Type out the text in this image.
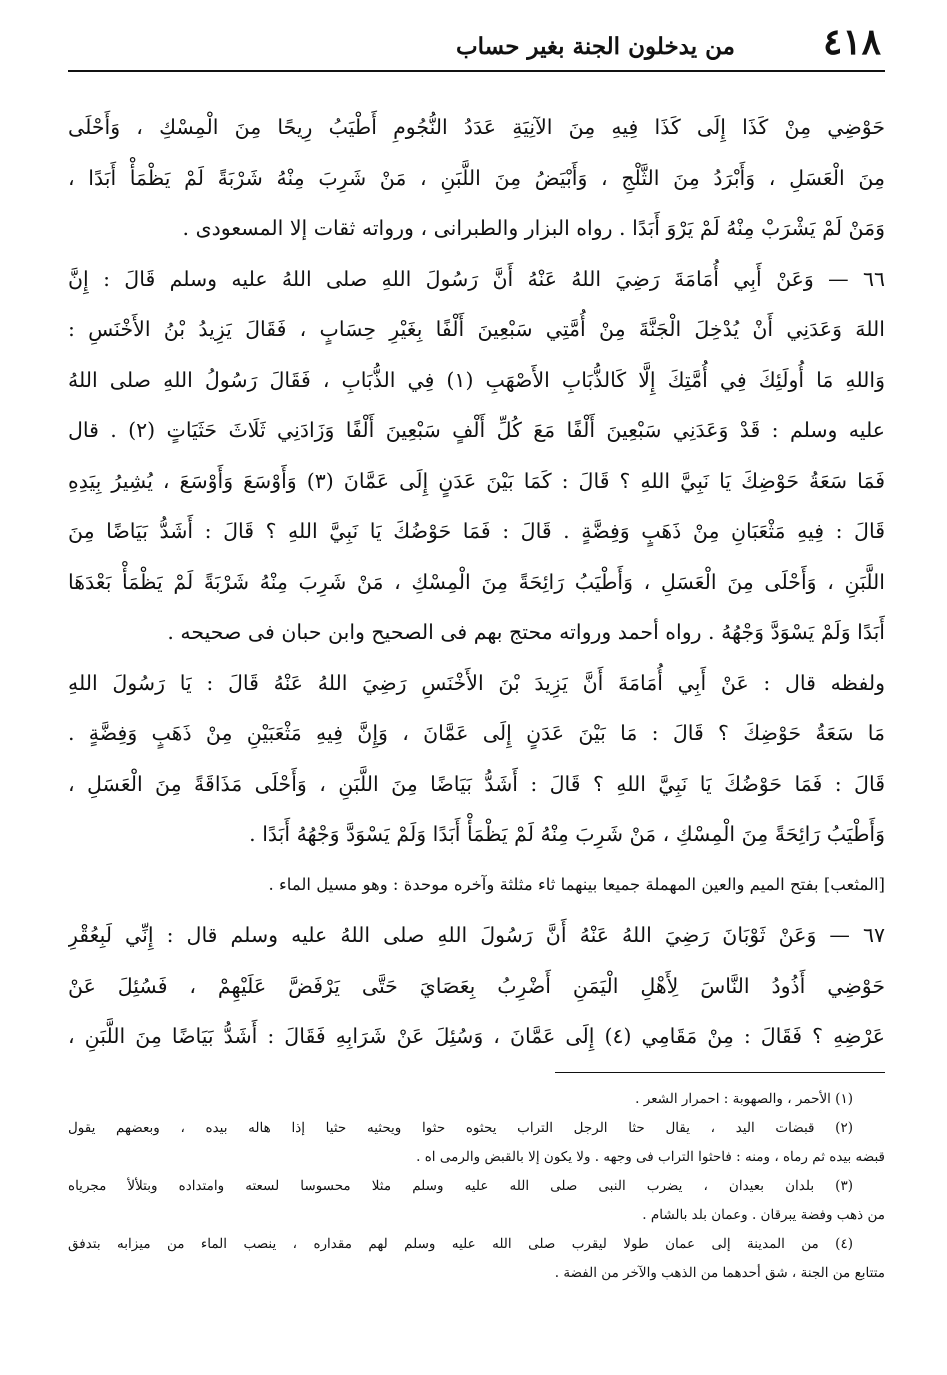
٤١٨
من يدخلون الجنة بغير حساب
حَوْضِي مِنْ كَذَا إِلَى كَذَا فِيهِ مِنَ الآنِيَةِ عَدَدُ النُّجُومِ أَطْيَبُ رِيحًا مِنَ الْمِسْكِ ، وَأَحْلَى
مِنَ الْعَسَلِ ، وَأَبْرَدُ مِنَ الثَّلْجِ ، وَأَبْيَضُ مِنَ اللَّبَنِ ، مَنْ شَرِبَ مِنْهُ شَرْبَةً لَمْ يَظْمَأْ أَبَدًا ،
وَمَنْ لَمْ يَشْرَبْ مِنْهُ لَمْ يَرْوَ أَبَدًا . رواه البزار والطبرانى ، ورواته ثقات إلا المسعودى .
٦٦ — وَعَنْ أَبِي أُمَامَةَ رَضِيَ اللهُ عَنْهُ أَنَّ رَسُولَ اللهِ صلى اللهُ عليه وسلم قَالَ : إِنَّ
اللهَ وَعَدَنِي أَنْ يُدْخِلَ الْجَنَّةَ مِنْ أُمَّتِي سَبْعِينَ أَلْفًا بِغَيْرِ حِسَابٍ ، فَقَالَ يَزِيدُ بْنُ الأَخْنَسِ :
وَاللهِ مَا أُولَئِكَ فِي أُمَّتِكَ إِلَّا كَالذُّبَابِ الأَصْهَبِ (١) فِي الذُّبَابِ ، فَقَالَ رَسُولُ اللهِ صلى اللهُ
عليه وسلم : قَدْ وَعَدَنِي سَبْعِينَ أَلْفًا مَعَ كُلِّ أَلْفٍ سَبْعِينَ أَلْفًا وَزَادَنِي ثَلَاثَ حَثَيَاتٍ (٢) . قال
فَمَا سَعَةُ حَوْضِكَ يَا نَبِيَّ اللهِ ؟ قَالَ : كَمَا بَيْنَ عَدَنٍ إِلَى عَمَّانَ (٣) وَأَوْسَعَ وَأَوْسَعَ ، يُشِيرُ بِيَدِهِ
قَالَ : فِيهِ مَثْعَبَانِ مِنْ ذَهَبٍ وَفِضَّةٍ . قَالَ : فَمَا حَوْضُكَ يَا نَبِيَّ اللهِ ؟ قَالَ : أَشَدُّ بَيَاضًا مِنَ
اللَّبَنِ ، وَأَحْلَى مِنَ الْعَسَلِ ، وَأَطْيَبُ رَائِحَةً مِنَ الْمِسْكِ ، مَنْ شَرِبَ مِنْهُ شَرْبَةً لَمْ يَظْمَأْ بَعْدَهَا
أَبَدًا وَلَمْ يَسْوَدَّ وَجْهُهُ . رواه أحمد ورواته محتج بهم فى الصحيح وابن حبان فى صحيحه .
ولفظه قال : عَنْ أَبِي أُمَامَةَ أَنَّ يَزِيدَ بْنَ الأَخْنَسِ رَضِيَ اللهُ عَنْهُ قَالَ : يَا رَسُولَ اللهِ
مَا سَعَةُ حَوْضِكَ ؟ قَالَ : مَا بَيْنَ عَدَنٍ إِلَى عَمَّانَ ، وَإِنَّ فِيهِ مَثْعَبَيْنِ مِنْ ذَهَبٍ وَفِضَّةٍ .
قَالَ : فَمَا حَوْضُكَ يَا نَبِيَّ اللهِ ؟ قَالَ : أَشَدُّ بَيَاضًا مِنَ اللَّبَنِ ، وَأَحْلَى مَذَاقَةً مِنَ الْعَسَلِ ،
وَأَطْيَبُ رَائِحَةً مِنَ الْمِسْكِ ، مَنْ شَرِبَ مِنْهُ لَمْ يَظْمَأْ أَبَدًا وَلَمْ يَسْوَدَّ وَجْهُهُ أَبَدًا .
[المثعب] بفتح الميم والعين المهملة جميعا بينهما ثاء مثلثة وآخره موحدة : وهو مسيل الماء .
٦٧ — وَعَنْ ثَوْبَانَ رَضِيَ اللهُ عَنْهُ أَنَّ رَسُولَ اللهِ صلى اللهُ عليه وسلم قال : إِنِّي لَبِعُقْرِ
حَوْضِي أَذُودُ النَّاسَ لِأَهْلِ الْيَمَنِ أَضْرِبُ بِعَصَايَ حَتَّى يَرْفَضَّ عَلَيْهِمْ ، فَسُئِلَ عَنْ
عَرْضِهِ ؟ فَقَالَ : مِنْ مَقَامِي (٤) إِلَى عَمَّانَ ، وَسُئِلَ عَنْ شَرَابِهِ فَقَالَ : أَشَدُّ بَيَاضًا مِنَ اللَّبَنِ ،
(١) الأحمر ، والصهوبة : احمرار الشعر .
(٢) قبضات اليد ، يقال حثا الرجل التراب يحثوه حثوا ويحثيه حثيا إذا هاله بيده ، وبعضهم يقول
قبضه بيده ثم رماه ، ومنه : فاحثوا التراب فى وجهه . ولا يكون إلا بالقبض والرمى اه .
(٣) بلدان بعيدان ، يضرب النبى صلى الله عليه وسلم مثلا محسوسا لسعته وامتداده وبتلألأ مجرياه
من ذهب وفضة يبرقان . وعمان بلد بالشام .
(٤) من المدينة إلى عمان طولا ليقرب صلى الله عليه وسلم لهم مقداره ، ينصب الماء من ميزابه بتدفق
متتابع من الجنة ، شق أحدهما من الذهب والآخر من الفضة .
